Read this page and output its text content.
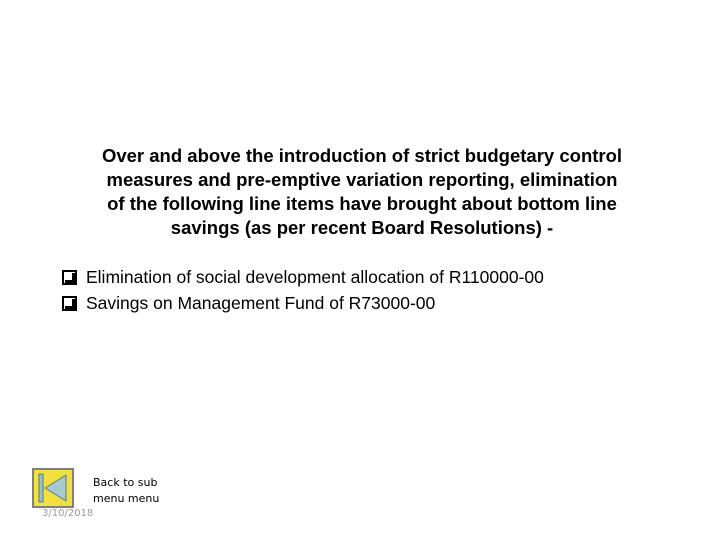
Over and above the introduction of strict budgetary control
measures and pre-emptive variation reporting, elimination
of the following line items have brought about bottom line
savings (as per recent Board Resolutions) -
Elimination of social development allocation of R110000-00
Savings on Management Fund of R73000-00
Back to sub
menu menu
3/10/2018
